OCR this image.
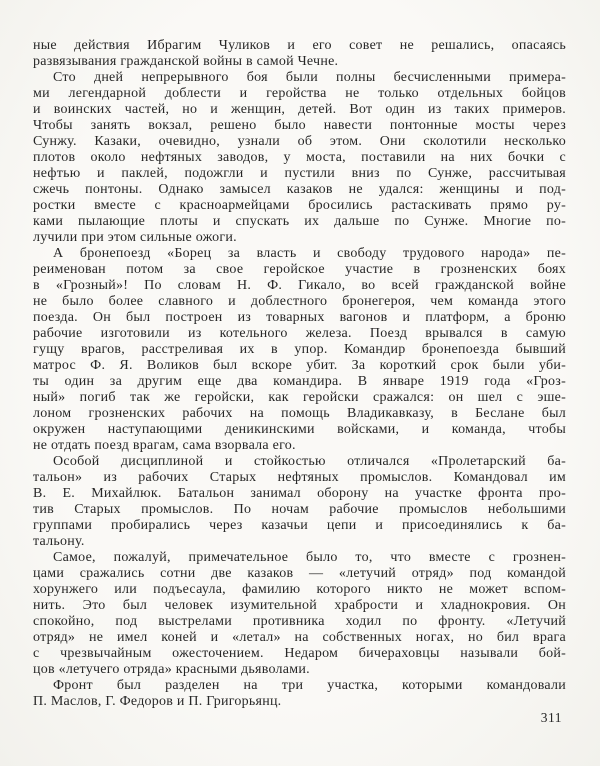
ные действия Ибрагим Чуликов и его совет не решались, опасаясь
развязывания гражданской войны в самой Чечне.

Сто дней непрерывного боя были полны бесчисленными примера-
ми легендарной доблести и геройства не только отдельных бойцов
и воинских частей, но и женщин, детей. Вот один из таких примеров.
Чтобы занять вокзал, решено было навести понтонные мосты через
Сунжу. Казаки, очевидно, узнали об этом. Они сколотили несколько
плотов около нефтяных заводов, у моста, поставили на них бочки с
нефтью и паклей, подожгли и пустили вниз по Сунже, рассчитывая
сжечь понтоны. Однако замысел казаков не удался: женщины и под-
ростки вместе с красноармейцами бросились растаскивать прямо ру-
ками пылающие плоты и спускать их дальше по Сунже. Многие по-
лучили при этом сильные ожоги.

А бронепоезд «Борец за власть и свободу трудового народа» пе-
реименован потом за свое геройское участие в грозненских боях
в «Грозный»! По словам Н. Ф. Гикало, во всей гражданской войне
не было более славного и доблестного бронегероя, чем команда этого
поезда. Он был построен из товарных вагонов и платформ, а броню
рабочие изготовили из котельного железа. Поезд врывался в самую
гущу врагов, расстреливая их в упор. Командир бронепоезда бывший
матрос Ф. Я. Воликов был вскоре убит. За короткий срок были уби-
ты один за другим еще два командира. В январе 1919 года «Гроз-
ный» погиб так же геройски, как геройски сражался: он шел с эше-
лоном грозненских рабочих на помощь Владикавказу, в Беслане был
окружен наступающими деникинскими войсками, и команда, чтобы
не отдать поезд врагам, сама взорвала его.

Особой дисциплиной и стойкостью отличался «Пролетарский ба-
тальон» из рабочих Старых нефтяных промыслов. Командовал им
В. Е. Михайлюк. Батальон занимал оборону на участке фронта про-
тив Старых промыслов. По ночам рабочие промыслов небольшими
группами пробирались через казачьи цепи и присоединялись к ба-
тальону.

Самое, пожалуй, примечательное было то, что вместе с грознен-
цами сражались сотни две казаков — «летучий отряд» под командой
хорунжего или подъесаула, фамилию которого никто не может вспом-
нить. Это был человек изумительной храбрости и хладнокровия. Он
спокойно, под выстрелами противника ходил по фронту. «Летучий
отряд» не имел коней и «летал» на собственных ногах, но бил врага
с чрезвычайным ожесточением. Недаром бичераховцы называли бой-
цов «летучего отряда» красными дьяволами.

Фронт был разделен на три участка, которыми командовали
П. Маслов, Г. Федоров и П. Григорьянц.

311
